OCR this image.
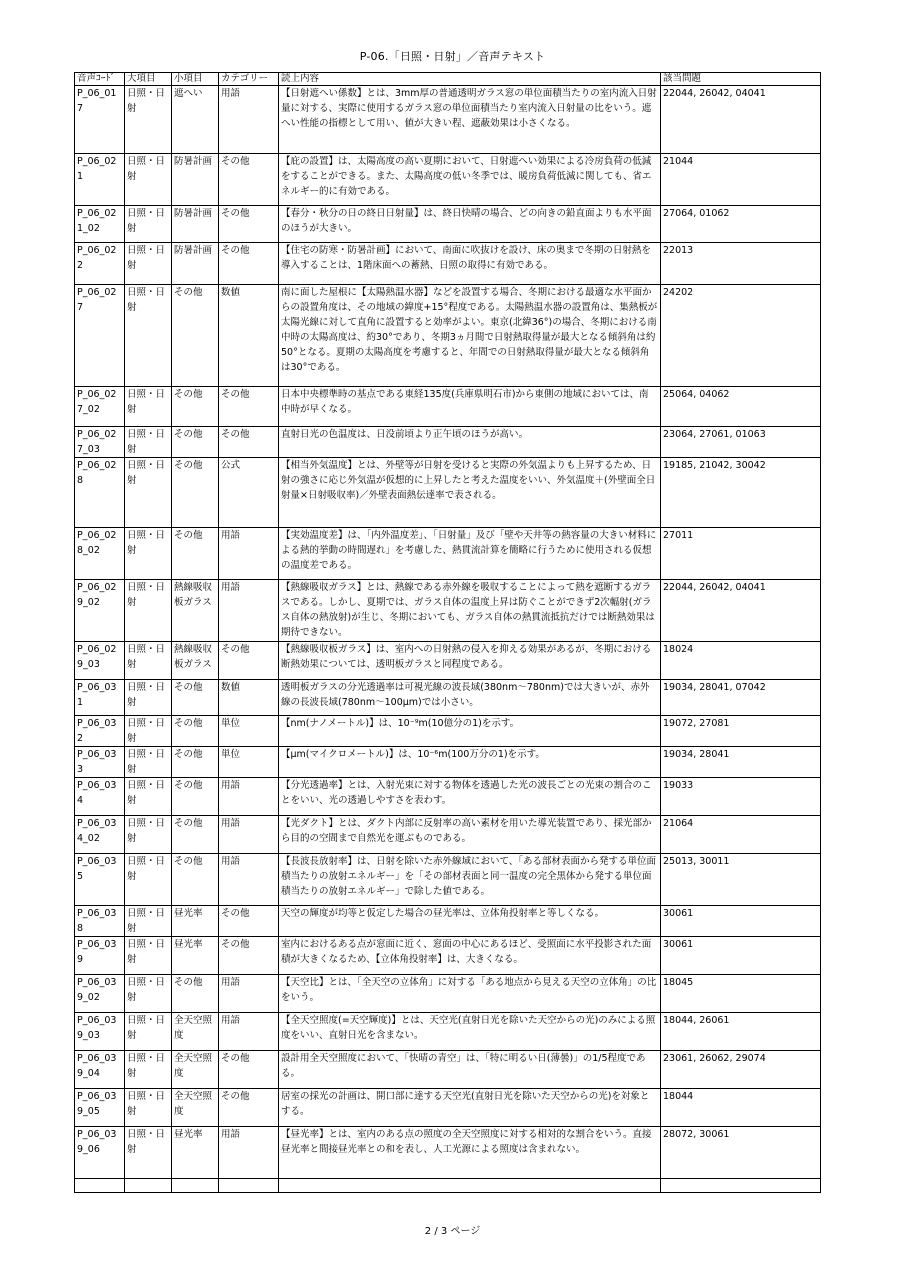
P-06.「日照・日射」／音声テキスト
音声ｺｰﾄﾞ	大項目	小項目	カテゴリー	読上内容	該当問題
P_06_017	日照・日射	遮へい	用語	【日射遮へい係数】とは、3mm厚の普通透明ガラス窓の単位面積当たりの室内流入日射量に対する、実際に使用するガラス窓の単位面積当たり室内流入日射量の比をいう。遮へい性能の指標として用い、値が大きい程、遮蔽効果は小さくなる。	22044, 26042, 04041
P_06_021	日照・日射	防暑計画	その他	【庇の設置】は、太陽高度の高い夏期において、日射遮へい効果による冷房負荷の低減をすることができる。また、太陽高度の低い冬季では、暖房負荷低減に関しても、省エネルギー的に有効である。	21044
P_06_021_02	日照・日射	防暑計画	その他	【春分・秋分の日の終日日射量】は、終日快晴の場合、どの向きの鉛直面よりも水平面のほうが大きい。	27064, 01062
P_06_022	日照・日射	防暑計画	その他	【住宅の防寒・防暑計画】において、南面に吹抜けを設け、床の奥まで冬期の日射熱を導入することは、1階床面への蓄熱、日照の取得に有効である。	22013
P_06_027	日照・日射	その他	数値	南に面した屋根に【太陽熱温水器】などを設置する場合、冬期における最適な水平面からの設置角度は、その地域の緯度+15°程度である。太陽熱温水器の設置角は、集熱板が太陽光線に対して直角に設置すると効率がよい。東京(北緯36°)の場合、冬期における南中時の太陽高度は、約30°であり、冬期3ヵ月間で日射熱取得量が最大となる傾斜角は約50°となる。夏期の太陽高度を考慮すると、年間での日射熱取得量が最大となる傾斜角は30°である。	24202
P_06_027_02	日照・日射	その他	その他	日本中央標準時の基点である東経135度(兵庫県明石市)から東側の地域においては、南中時が早くなる。	25064, 04062
P_06_027_03	日照・日射	その他	その他	直射日光の色温度は、日没前頃より正午頃のほうが高い。	23064, 27061, 01063
P_06_028	日照・日射	その他	公式	【相当外気温度】とは、外壁等が日射を受けると実際の外気温よりも上昇するため、日射の強さに応じ外気温が仮想的に上昇したと考えた温度をいい、外気温度＋(外壁面全日射量×日射吸収率)／外壁表面熱伝達率で表される。	19185, 21042, 30042
P_06_028_02	日照・日射	その他	用語	【実効温度差】は、「内外温度差」、「日射量」及び「壁や天井等の熱容量の大きい材料による熱的挙動の時間遅れ」を考慮した、熱貫流計算を簡略に行うために使用される仮想の温度差である。	27011
P_06_029_02	日照・日射	熱線吸収板ガラス	用語	【熱線吸収ガラス】とは、熱線である赤外線を吸収することによって熱を遮断するガラスである。しかし、夏期では、ガラス自体の温度上昇は防ぐことができず2次輻射(ガラス自体の熱放射)が生じ、冬期においても、ガラス自体の熱貫流抵抗だけでは断熱効果は期待できない。	22044, 26042, 04041
P_06_029_03	日照・日射	熱線吸収板ガラス	その他	【熱線吸収板ガラス】は、室内への日射熱の侵入を抑える効果があるが、冬期における断熱効果については、透明板ガラスと同程度である。	18024
P_06_031	日照・日射	その他	数値	透明板ガラスの分光透過率は可視光線の波長域(380nm～780nm)では大きいが、赤外線の長波長域(780nm～100μm)では小さい。	19034, 28041, 07042
P_06_032	日照・日射	その他	単位	【nm(ナノメートル)】は、10⁻⁹m(10億分の1)を示す。	19072, 27081
P_06_033	日照・日射	その他	単位	【μm(マイクロメートル)】は、10⁻⁶m(100万分の1)を示す。	19034, 28041
P_06_034	日照・日射	その他	用語	【分光透過率】とは、入射光束に対する物体を透過した光の波長ごとの光束の割合のことをいい、光の透過しやすさを表わす。	19033
P_06_034_02	日照・日射	その他	用語	【光ダクト】とは、ダクト内部に反射率の高い素材を用いた導光装置であり、採光部から目的の空間まで自然光を運ぶものである。	21064
P_06_035	日照・日射	その他	用語	【長波長放射率】は、日射を除いた赤外線域において、「ある部材表面から発する単位面積当たりの放射エネルギー」を「その部材表面と同一温度の完全黒体から発する単位面積当たりの放射エネルギー」で除した値である。	25013, 30011
P_06_038	日照・日射	昼光率	その他	天空の輝度が均等と仮定した場合の昼光率は、立体角投射率と等しくなる。	30061
P_06_039	日照・日射	昼光率	その他	室内におけるある点が窓面に近く、窓面の中心にあるほど、受照面に水平投影された面積が大きくなるため、【立体角投射率】は、大きくなる。	30061
P_06_039_02	日照・日射	その他	用語	【天空比】とは、「全天空の立体角」に対する「ある地点から見える天空の立体角」の比をいう。	18045
P_06_039_03	日照・日射	全天空照度	用語	【全天空照度(=天空輝度)】とは、天空光(直射日光を除いた天空からの光)のみによる照度をいい、直射日光を含まない。	18044, 26061
P_06_039_04	日照・日射	全天空照度	その他	設計用全天空照度において、「快晴の青空」は、「特に明るい日(薄曇)」の1/5程度である。	23061, 26062, 29074
P_06_039_05	日照・日射	全天空照度	その他	居室の採光の計画は、開口部に達する天空光(直射日光を除いた天空からの光)を対象とする。	18044
P_06_039_06	日照・日射	昼光率	用語	【昼光率】とは、室内のある点の照度の全天空照度に対する相対的な割合をいう。直接昼光率と間接昼光率との和を表し、人工光源による照度は含まれない。	28072, 30061

2 / 3 ページ
